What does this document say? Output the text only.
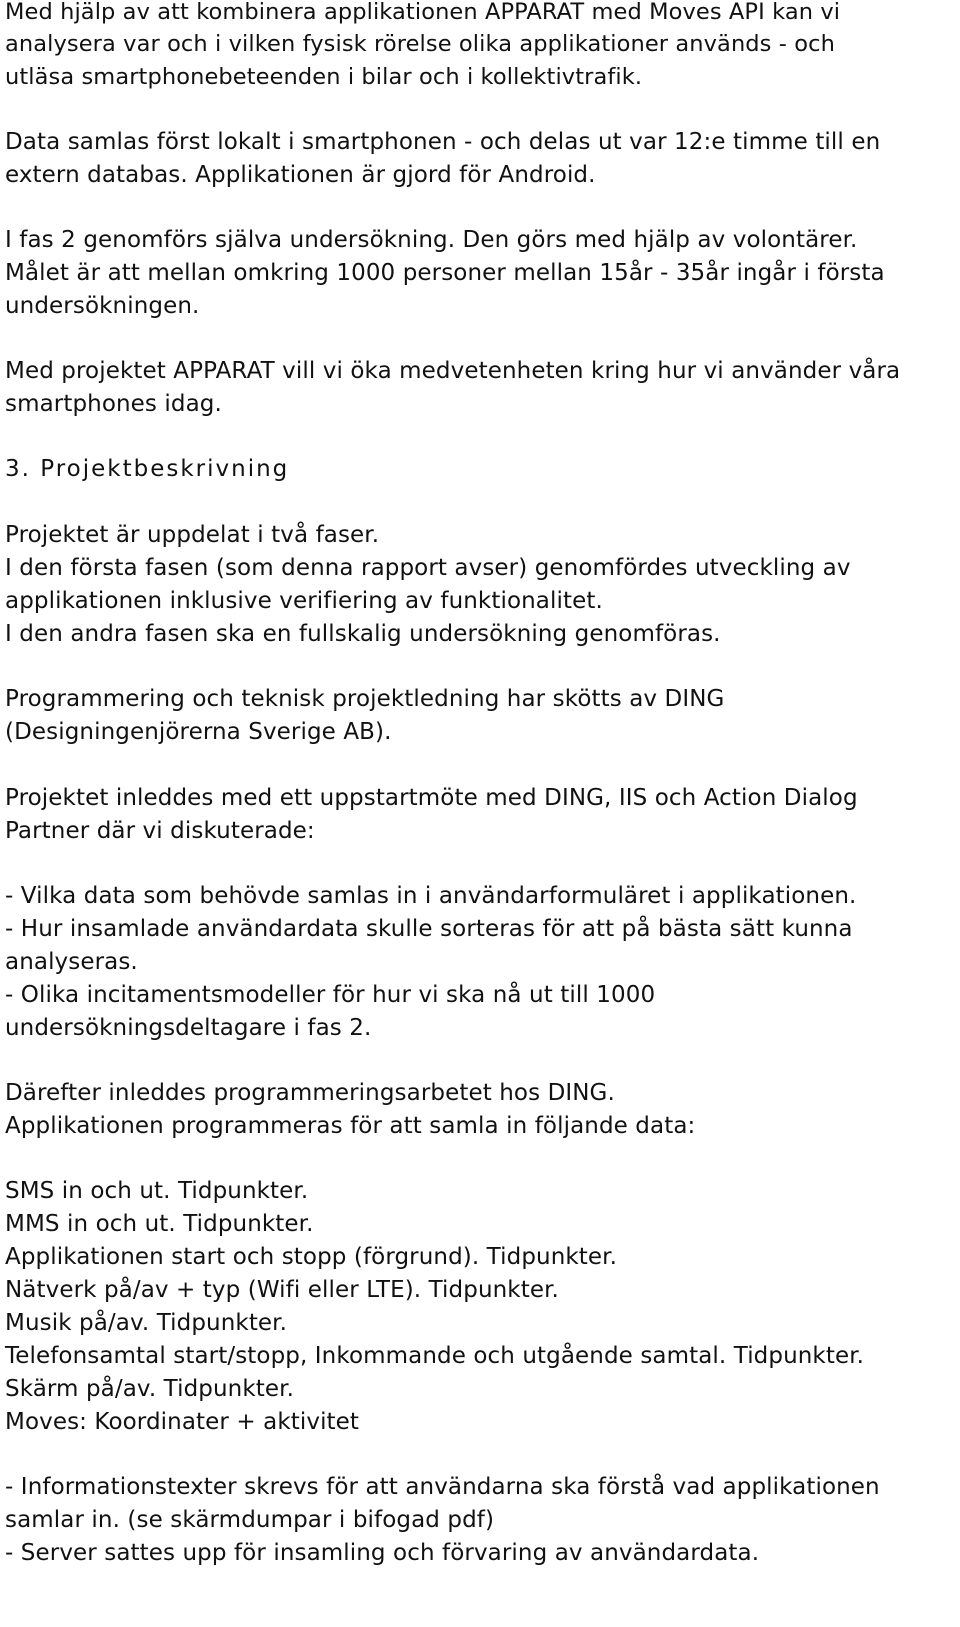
Med hjälp av att kombinera applikationen APPARAT med Moves API kan vi
analysera var och i vilken fysisk rörelse olika applikationer används - och
utläsa smartphonebeteenden i bilar och i kollektivtrafik.
Data samlas först lokalt i smartphonen - och delas ut var 12:e timme till en
extern databas. Applikationen är gjord för Android.
I fas 2 genomförs själva undersökning. Den görs med hjälp av volontärer.
Målet är att mellan omkring 1000 personer mellan 15år - 35år ingår i första
undersökningen.
Med projektet APPARAT vill vi öka medvetenheten kring hur vi använder våra
smartphones idag.
3. Projektbeskrivning
Projektet är uppdelat i två faser.
I den första fasen (som denna rapport avser) genomfördes utveckling av
applikationen inklusive verifiering av funktionalitet.
I den andra fasen ska en fullskalig undersökning genomföras.
Programmering och teknisk projektledning har skötts av DING
(Designingenjörerna Sverige AB).
Projektet inleddes med ett uppstartmöte med DING, IIS och Action Dialog
Partner där vi diskuterade:
- Vilka data som behövde samlas in i användarformuläret i applikationen.
- Hur insamlade användardata skulle sorteras för att på bästa sätt kunna
analyseras.
- Olika incitamentsmodeller för hur vi ska nå ut till 1000
undersökningsdeltagare i fas 2.
Därefter inleddes programmeringsarbetet hos DING.
Applikationen programmeras för att samla in följande data:
SMS in och ut. Tidpunkter.
MMS in och ut. Tidpunkter.
Applikationen start och stopp (förgrund). Tidpunkter.
Nätverk på/av + typ (Wifi eller LTE). Tidpunkter.
Musik på/av. Tidpunkter.
Telefonsamtal start/stopp, Inkommande och utgående samtal. Tidpunkter.
Skärm på/av. Tidpunkter.
Moves: Koordinater + aktivitet
- Informationstexter skrevs för att användarna ska förstå vad applikationen
samlar in. (se skärmdumpar i bifogad pdf)
- Server sattes upp för insamling och förvaring av användardata.
